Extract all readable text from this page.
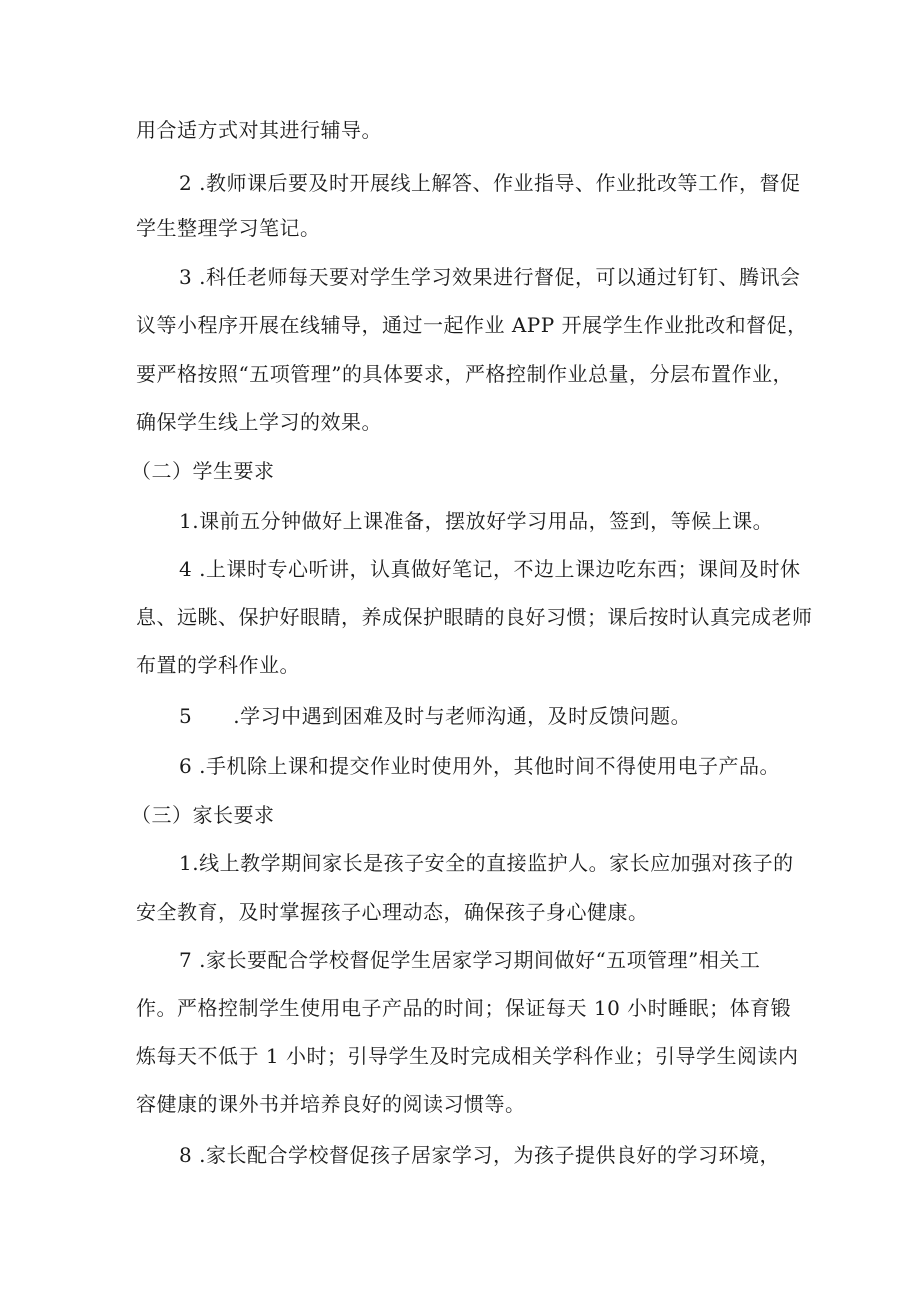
用合适方式对其进行辅导。
2 .教师课后要及时开展线上解答、作业指导、作业批改等工作，督促
学生整理学习笔记。
3 .科任老师每天要对学生学习效果进行督促，可以通过钉钉、腾讯会
议等小程序开展在线辅导，通过一起作业 APP 开展学生作业批改和督促，
要严格按照“五项管理”的具体要求，严格控制作业总量，分层布置作业，
确保学生线上学习的效果。
（二）学生要求
1.课前五分钟做好上课准备，摆放好学习用品，签到，等候上课。
4 .上课时专心听讲，认真做好笔记，不边上课边吃东西；课间及时休
息、远眺、保护好眼睛，养成保护眼睛的良好习惯；课后按时认真完成老师
布置的学科作业。
5　　.学习中遇到困难及时与老师沟通，及时反馈问题。
6 .手机除上课和提交作业时使用外，其他时间不得使用电子产品。
（三）家长要求
1.线上教学期间家长是孩子安全的直接监护人。家长应加强对孩子的
安全教育，及时掌握孩子心理动态，确保孩子身心健康。
7 .家长要配合学校督促学生居家学习期间做好“五项管理”相关工
作。严格控制学生使用电子产品的时间；保证每天 10 小时睡眠；体育锻
炼每天不低于 1 小时；引导学生及时完成相关学科作业；引导学生阅读内
容健康的课外书并培养良好的阅读习惯等。
8 .家长配合学校督促孩子居家学习，为孩子提供良好的学习环境，
